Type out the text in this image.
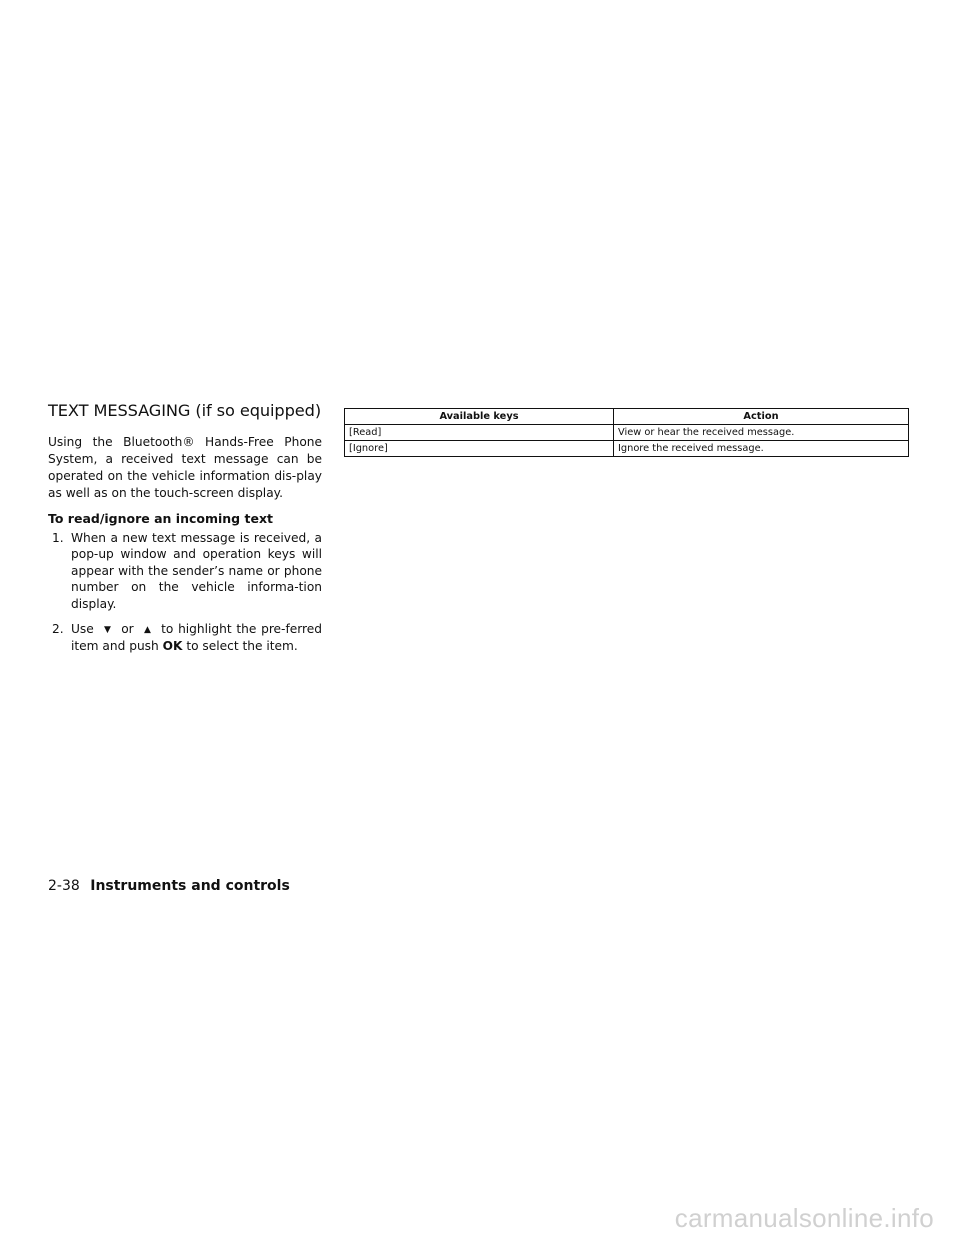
TEXT MESSAGING (if so equipped)

Using the Bluetooth® Hands-Free Phone System, a received text message can be operated on the vehicle information dis-play as well as on the touch-screen display.

To read/ignore an incoming text

1. When a new text message is received, a pop-up window and operation keys will appear with the sender’s name or phone number on the vehicle informa-tion display.
2. Use ▼ or ▲ to highlight the pre-ferred item and push OK to select the item.
Available keys	Action
[Read]	View or hear the received message.
[Ignore]	Ignore the received message.
2-38 Instruments and controls
carmanualsonline.info
